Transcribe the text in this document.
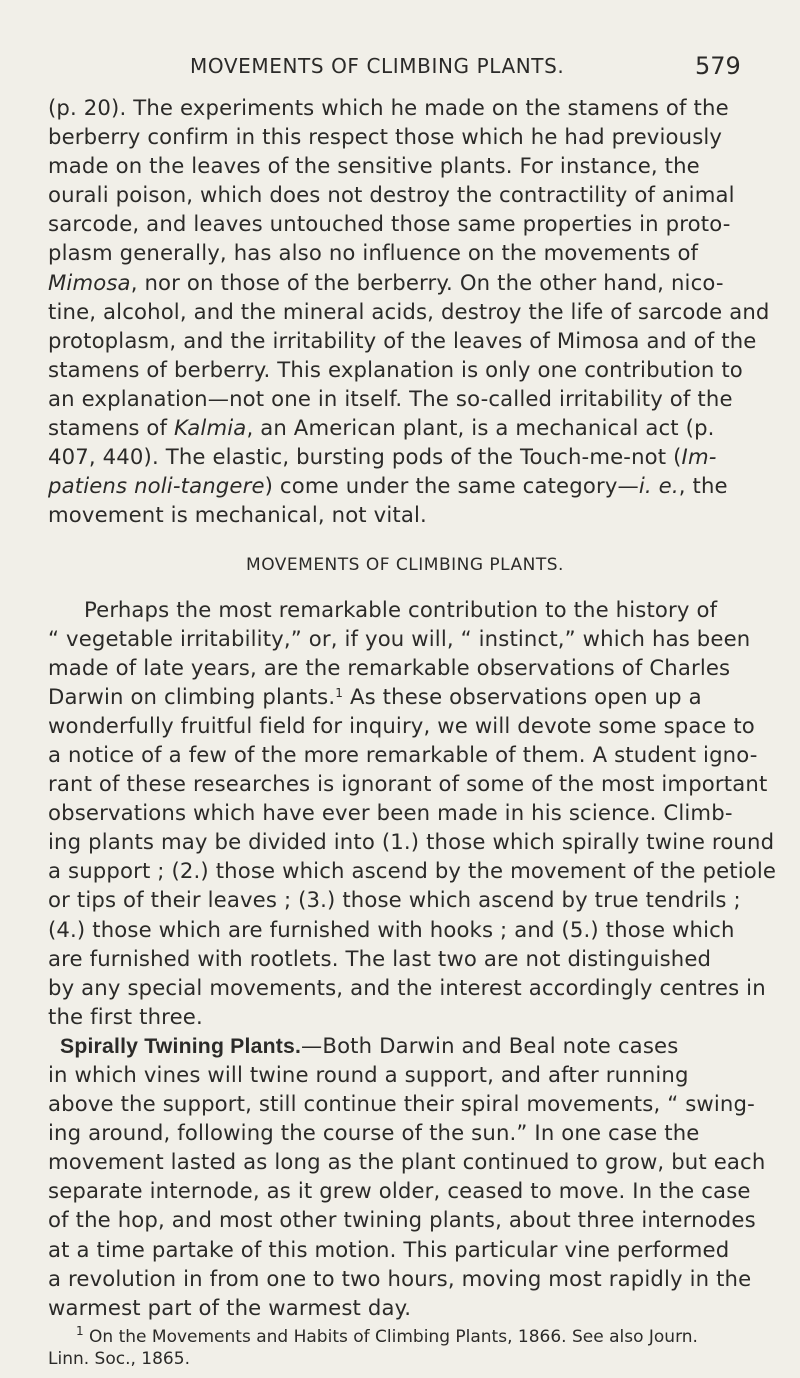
MOVEMENTS OF CLIMBING PLANTS.	579
(p. 20). The experiments which he made on the stamens of the
berberry confirm in this respect those which he had previously
made on the leaves of the sensitive plants. For instance, the
ourali poison, which does not destroy the contractility of animal
sarcode, and leaves untouched those same properties in proto-
plasm generally, has also no influence on the movements of
Mimosa, nor on those of the berberry. On the other hand, nico-
tine, alcohol, and the mineral acids, destroy the life of sarcode and
protoplasm, and the irritability of the leaves of Mimosa and of the
stamens of berberry. This explanation is only one contribution to
an explanation—not one in itself. The so-called irritability of the
stamens of Kalmia, an American plant, is a mechanical act (p.
407, 440). The elastic, bursting pods of the Touch-me-not (Im-
patiens noli-tangere) come under the same category—i. e., the
movement is mechanical, not vital.
MOVEMENTS OF CLIMBING PLANTS.
Perhaps the most remarkable contribution to the history of
“ vegetable irritability,” or, if you will, “ instinct,” which has been
made of late years, are the remarkable observations of Charles
Darwin on climbing plants.$^1$ As these observations open up a
wonderfully fruitful field for inquiry, we will devote some space to
a notice of a few of the more remarkable of them. A student igno-
rant of these researches is ignorant of some of the most important
observations which have ever been made in his science. Climb-
ing plants may be divided into (1.) those which spirally twine round
a support ; (2.) those which ascend by the movement of the petiole
or tips of their leaves ; (3.) those which ascend by true tendrils ;
(4.) those which are furnished with hooks ; and (5.) those which
are furnished with rootlets. The last two are not distinguished
by any special movements, and the interest accordingly centres in
the first three.
Spirally Twining Plants.—Both Darwin and Beal note cases
in which vines will twine round a support, and after running
above the support, still continue their spiral movements, “ swing-
ing around, following the course of the sun.” In one case the
movement lasted as long as the plant continued to grow, but each
separate internode, as it grew older, ceased to move. In the case
of the hop, and most other twining plants, about three internodes
at a time partake of this motion. This particular vine performed
a revolution in from one to two hours, moving most rapidly in the
warmest part of the warmest day.
$^1$ On the Movements and Habits of Climbing Plants, 1866. See also Journ.
Linn. Soc., 1865.
